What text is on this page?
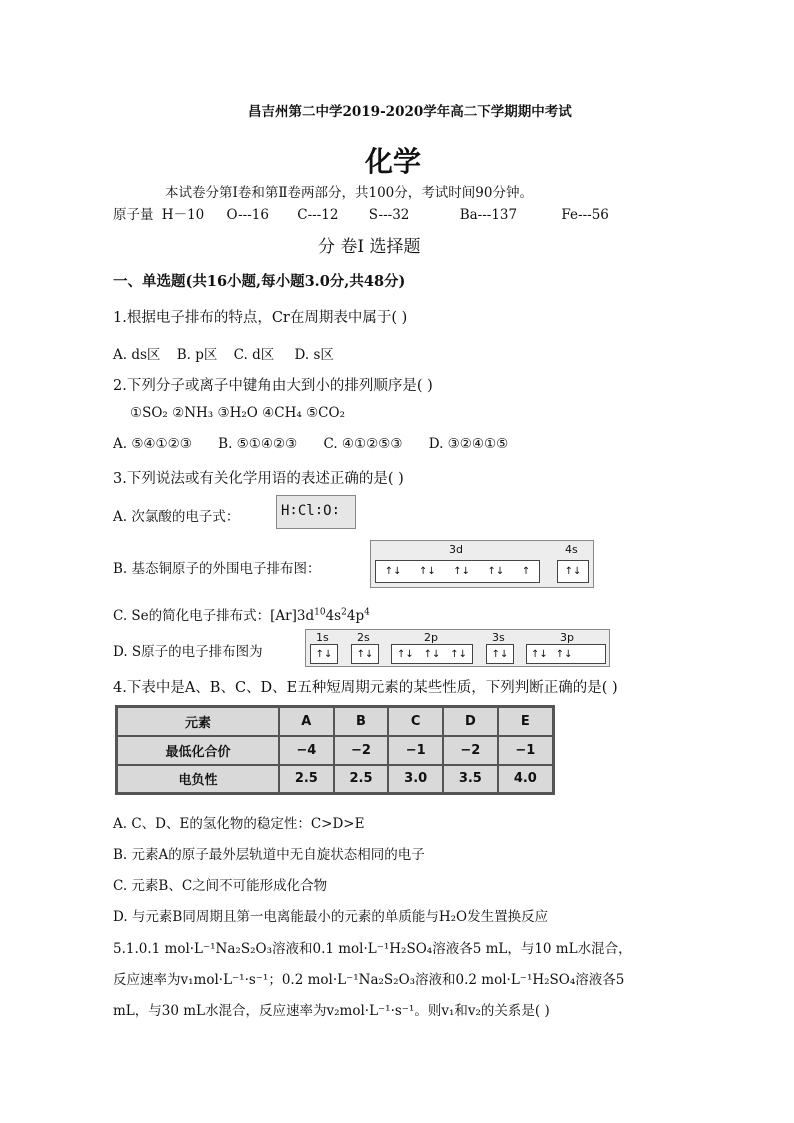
昌吉州第二中学2019-2020学年高二下学期期中考试
化学
本试卷分第Ⅰ卷和第Ⅱ卷两部分，共100分，考试时间90分钟。
原子量 H－10 O---16 C---12 S---32	Ba---137	Fe---56
分 卷Ⅰ 选择题
一、单选题(共16小题,每小题3.0分,共48分)
1.根据电子排布的特点，Cr在周期表中属于( )
A. ds区 B. p区 C. d区 D. s区
2.下列分子或离子中键角由大到小的排列顺序是( )
①SO₂ ②NH₃ ③H₂O ④CH₄ ⑤CO₂
A. ⑤④①②③ B. ⑤①④②③ C. ④①②⑤③ D. ③②④①⑤
3.下列说法或有关化学用语的表述正确的是( )
A. 次氯酸的电子式：	H∶Cl∶O∶
B. 基态铜原子的外围电子排布图：
3d	4s
↑↓ ↑↓ ↑↓ ↑↓ ↑	↑↓
C. Se的简化电子排布式：$[Ar]3d^{10}4s^24p^4$
D. S原子的电子排布图为
1s	2s	2p	3s	3p
↑↓ ↑↓ ↑↓ ↑↓ ↑↓ ↑↓ ↑↓ ↑↓
4.下表中是A、B、C、D、E五种短周期元素的某些性质，下列判断正确的是( )
元素	A	B	C	D	E
最低化合价	−4	−2	−1	−2	−1
电负性	2.5	2.5	3.0	3.5	4.0
A. C、D、E的氢化物的稳定性：C>D>E
B. 元素A的原子最外层轨道中无自旋状态相同的电子
C. 元素B、C之间不可能形成化合物
D. 与元素B同周期且第一电离能最小的元素的单质能与H₂O发生置换反应
5.1.0.1 mol·L⁻¹Na₂S₂O₃溶液和0.1 mol·L⁻¹H₂SO₄溶液各5 mL，与10 mL水混合，
反应速率为v₁mol·L⁻¹·s⁻¹；0.2 mol·L⁻¹Na₂S₂O₃溶液和0.2 mol·L⁻¹H₂SO₄溶液各5
mL，与30 mL水混合，反应速率为v₂mol·L⁻¹·s⁻¹。则v₁和v₂的关系是( )
